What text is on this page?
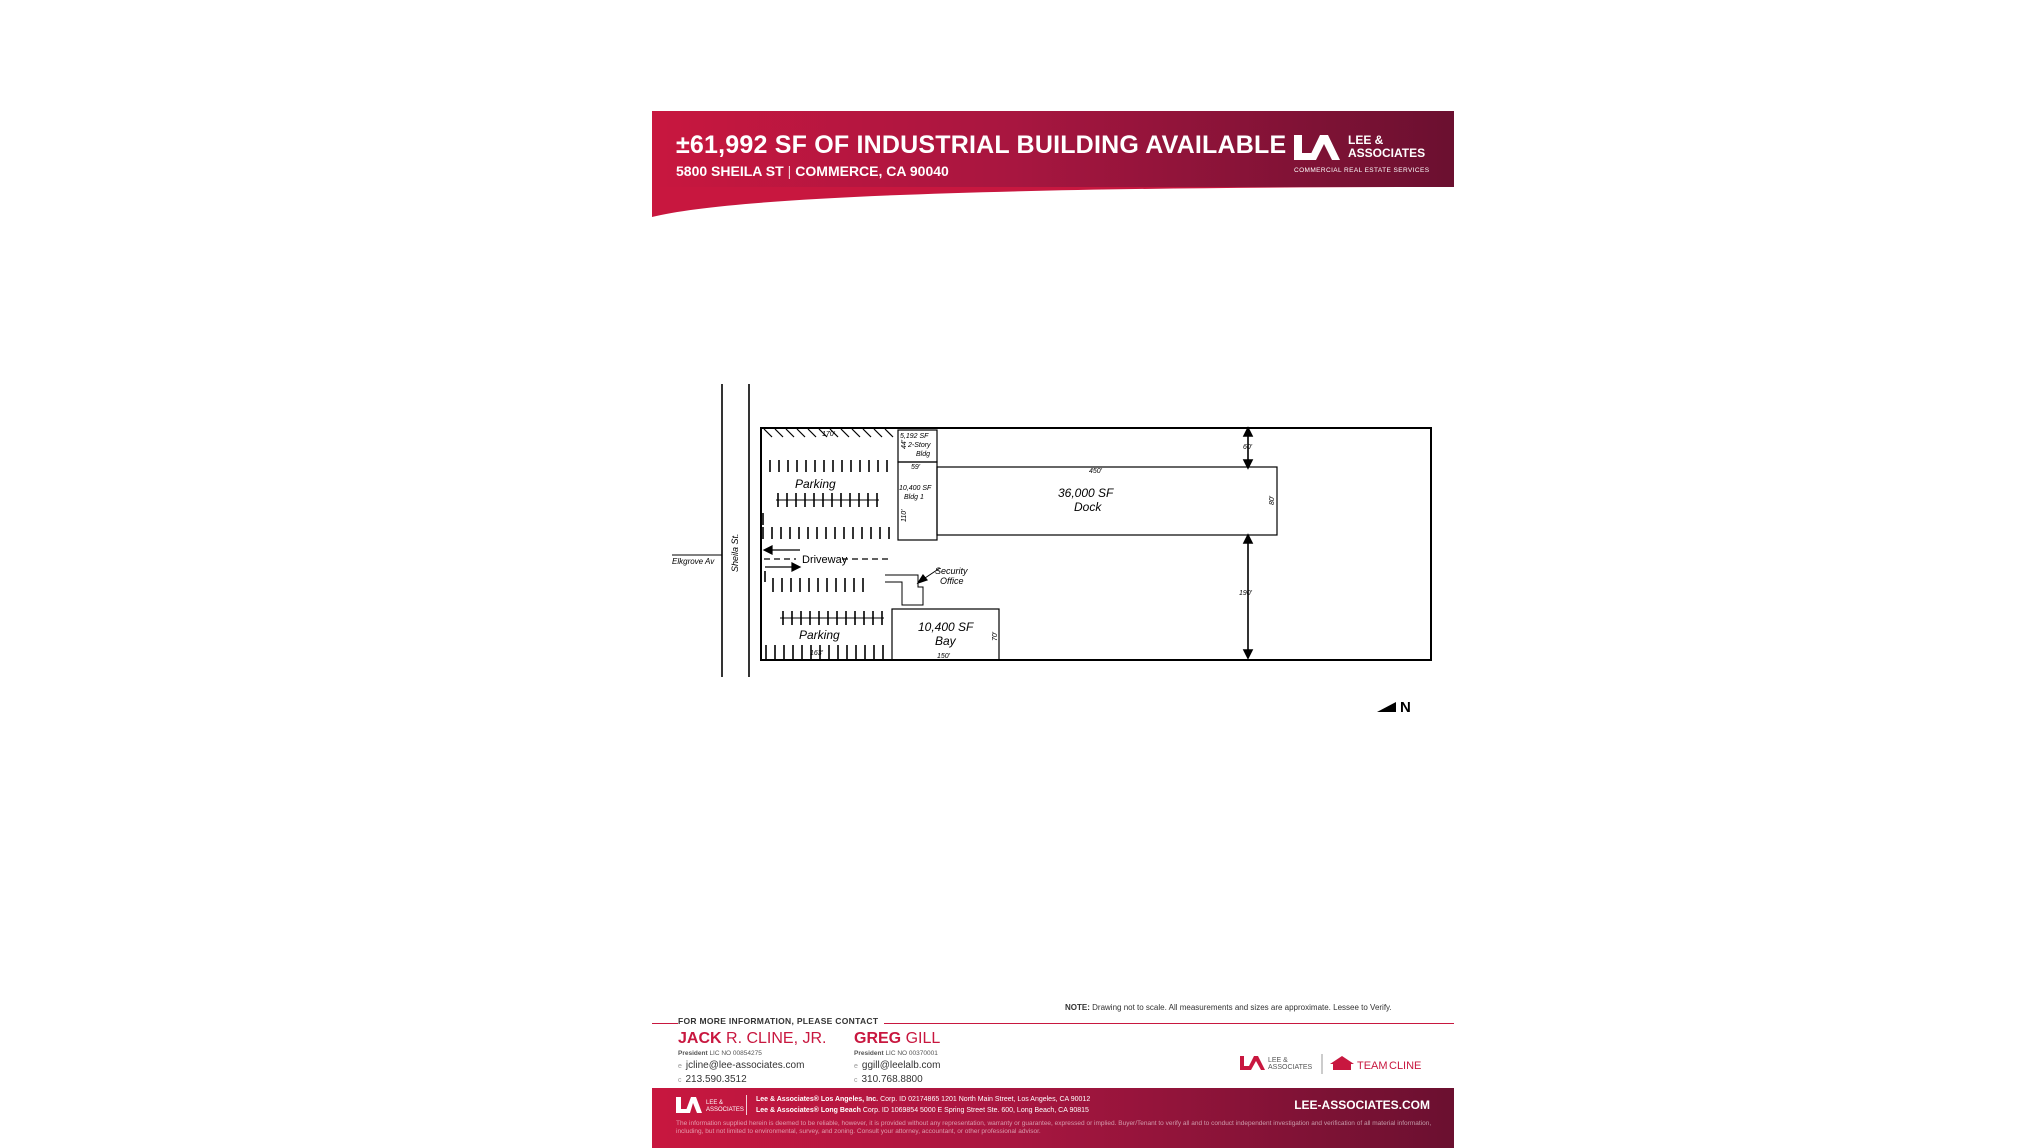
±61,992 SF OF INDUSTRIAL BUILDING AVAILABLE
5800 SHEILA ST | COMMERCE, CA 90040
LEE &
ASSOCIATES
COMMERCIAL REAL ESTATE SERVICES
Sheila St.
Elkgrove Av	Driveway
Parking
Parking
Security
Office
5,192 SF
2-Story
Bldg
10,400 SF
Bldg 1	36,000 SF
Dock
10,400 SF
Bay
170'
44'
59'
110'
450'
80'
60'
190'
70'
150'
163'
N
NOTE: Drawing not to scale. All measurements and sizes are approximate. Lessee to Verify.
FOR MORE INFORMATION, PLEASE CONTACT
JACK R. CLINE, JR.
President LIC NO 00854275
e jcline@lee-associates.com
c 213.590.3512
GREG GILL
President LIC NO 00370001
e ggill@leelalb.com
c 310.768.8800
LEE &
ASSOCIATES	TEAM CLINE
LEE &
ASSOCIATES
Lee & Associates® Los Angeles, Inc. Corp. ID 02174865 1201 North Main Street, Los Angeles, CA 90012
Lee & Associates® Long Beach Corp. ID 1069854 5000 E Spring Street Ste. 600, Long Beach, CA 90815	LEE-ASSOCIATES.COM
The information supplied herein is deemed to be reliable, however, it is provided without any representation, warranty or guarantee, expressed or implied. Buyer/Tenant to verify all and to conduct independent investigation and verification of all material information, including, but not limited to environmental, survey, and zoning. Consult your attorney, accountant, or other professional advisor.
